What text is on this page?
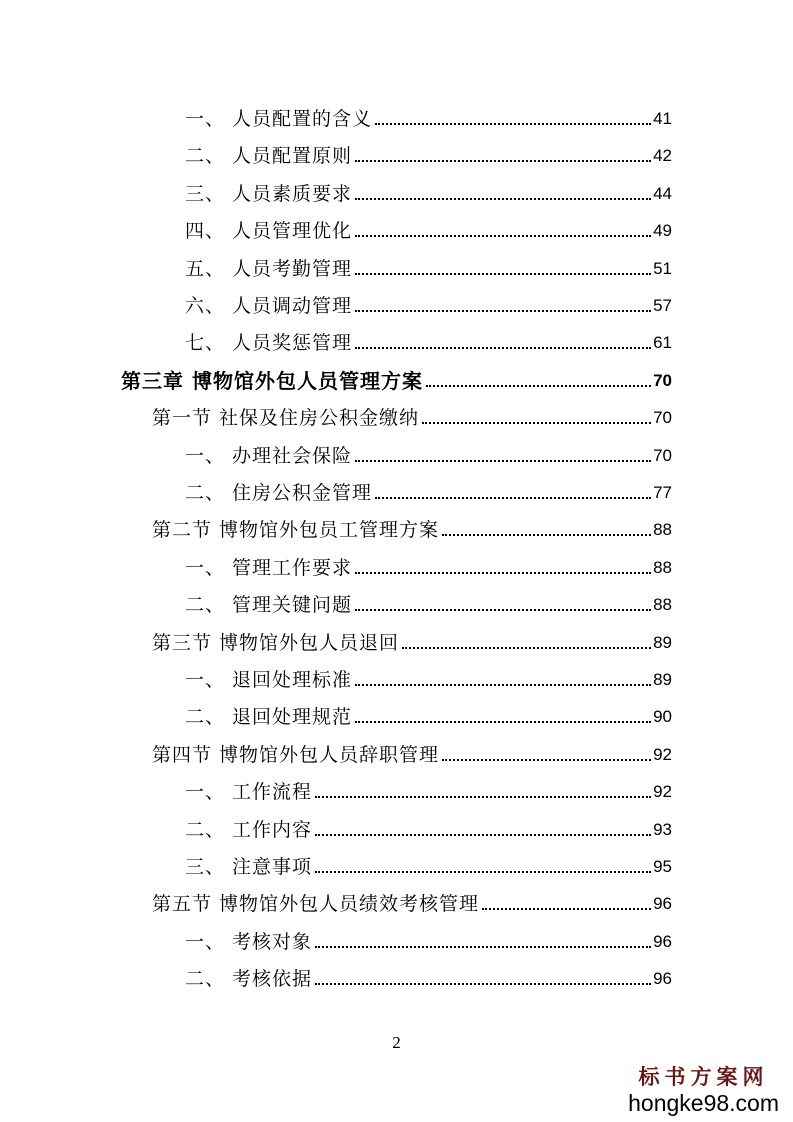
一、 人员配置的含义	41
二、 人员配置原则	42
三、 人员素质要求	44
四、 人员管理优化	49
五、 人员考勤管理	51
六、 人员调动管理	57
七、 人员奖惩管理	61
第三章 博物馆外包人员管理方案	70
第一节 社保及住房公积金缴纳	70
一、 办理社会保险	70
二、 住房公积金管理	77
第二节 博物馆外包员工管理方案	88
一、 管理工作要求	88
二、 管理关键问题	88
第三节 博物馆外包人员退回	89
一、 退回处理标准	89
二、 退回处理规范	90
第四节 博物馆外包人员辞职管理	92
一、 工作流程	92
二、 工作内容	93
三、 注意事项	95
第五节 博物馆外包人员绩效考核管理	96
一、 考核对象	96
二、 考核依据	96
2
标书方案网
hongke98.com
